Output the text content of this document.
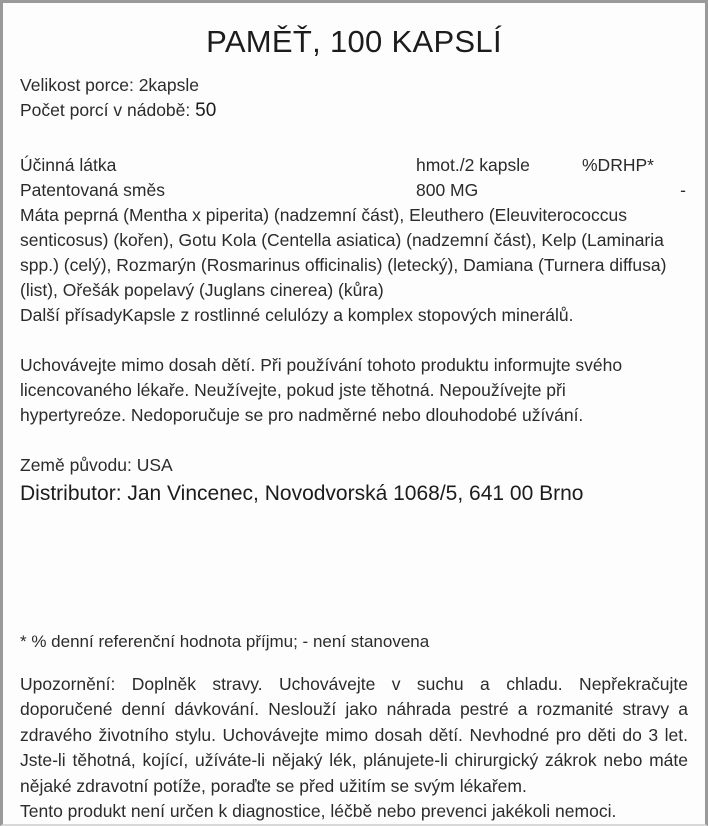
PAMĚŤ, 100 KAPSLÍ
Velikost porce: 2kapsle
Počet porcí v nádobě: 50
Účinná látka	hmot./2 kapsle	%DRHP*
Patentovaná směs	800 MG	-

Máta peprná (Mentha x piperita) (nadzemní část), Eleuthero (Eleuviterococcus senticosus) (kořen), Gotu Kola (Centella asiatica) (nadzemní část), Kelp (Laminaria spp.) (celý), Rozmarýn (Rosmarinus officinalis) (letecký), Damiana (Turnera diffusa) (list), Ořešák popelavý (Juglans cinerea) (kůra)

Další přísadyKapsle z rostlinné celulózy a komplex stopových minerálů.

Uchovávejte mimo dosah dětí. Při používání tohoto produktu informujte svého licencovaného lékaře. Neužívejte, pokud jste těhotná. Nepoužívejte při hypertyreóze. Nedoporučuje se pro nadměrné nebo dlouhodobé užívání.

Země původu: USA
Distributor: Jan Vincenec, Novodvorská 1068/5, 641 00 Brno
* % denní referenční hodnota příjmu; - není stanovena

Upozornění: Doplněk stravy. Uchovávejte v suchu a chladu. Nepřekračujte doporučené denní dávkování. Neslouží jako náhrada pestré a rozmanité stravy a zdravého životního stylu. Uchovávejte mimo dosah dětí. Nevhodné pro děti do 3 let. Jste-li těhotná, kojící, užíváte-li nějaký lék, plánujete-li chirurgický zákrok nebo máte nějaké zdravotní potíže, poraďte se před užitím se svým lékařem.
Tento produkt není určen k diagnostice, léčbě nebo prevenci jakékoli nemoci.
